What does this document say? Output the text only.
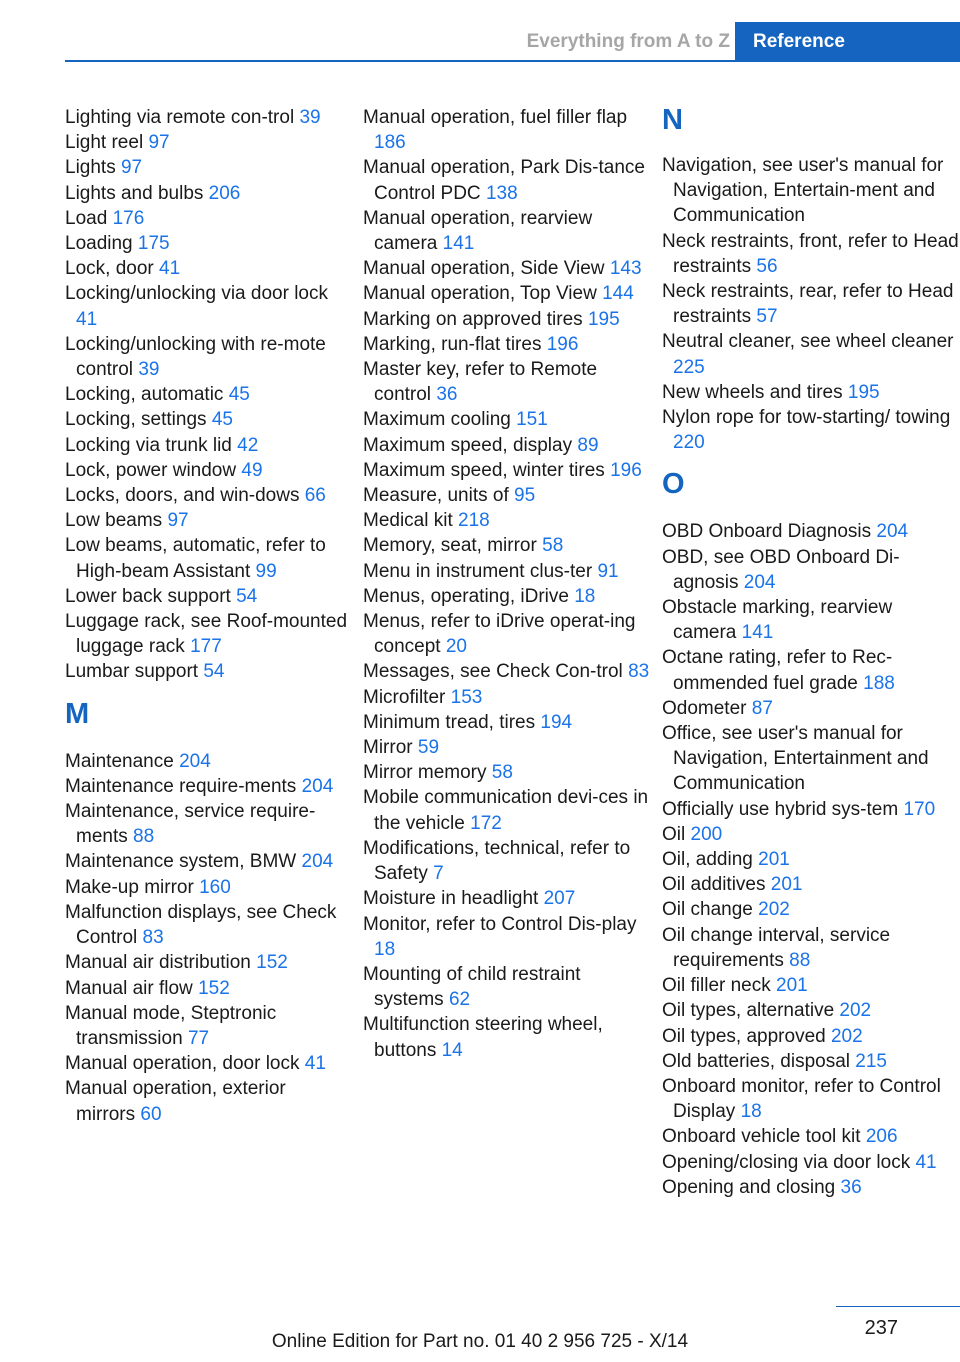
Everything from A to Z Reference
Lighting via remote con-trol 39
Light reel 97
Lights 97
Lights and bulbs 206
Load 176
Loading 175
Lock, door 41
Locking/unlocking via door lock 41
Locking/unlocking with re-mote control 39
Locking, automatic 45
Locking, settings 45
Locking via trunk lid 42
Lock, power window 49
Locks, doors, and win-dows 66
Low beams 97
Low beams, automatic, refer to High-beam Assistant 99
Lower back support 54
Luggage rack, see Roof-mounted luggage rack 177
Lumbar support 54
M
Maintenance 204
Maintenance require-ments 204
Maintenance, service require-ments 88
Maintenance system, BMW 204
Make-up mirror 160
Malfunction displays, see Check Control 83
Manual air distribution 152
Manual air flow 152
Manual mode, Steptronic transmission 77
Manual operation, door lock 41
Manual operation, exterior mirrors 60
Manual operation, fuel filler flap 186
Manual operation, Park Dis-tance Control PDC 138
Manual operation, rearview camera 141
Manual operation, Side View 143
Manual operation, Top View 144
Marking on approved tires 195
Marking, run-flat tires 196
Master key, refer to Remote control 36
Maximum cooling 151
Maximum speed, display 89
Maximum speed, winter tires 196
Measure, units of 95
Medical kit 218
Memory, seat, mirror 58
Menu in instrument clus-ter 91
Menus, operating, iDrive 18
Menus, refer to iDrive operat-ing concept 20
Messages, see Check Con-trol 83
Microfilter 153
Minimum tread, tires 194
Mirror 59
Mirror memory 58
Mobile communication devi-ces in the vehicle 172
Modifications, technical, refer to Safety 7
Moisture in headlight 207
Monitor, refer to Control Dis-play 18
Mounting of child restraint systems 62
Multifunction steering wheel, buttons 14
N
Navigation, see user's manual for Navigation, Entertain-ment and Communication
Neck restraints, front, refer to Head restraints 56
Neck restraints, rear, refer to Head restraints 57
Neutral cleaner, see wheel cleaner 225
New wheels and tires 195
Nylon rope for tow-starting/ towing 220
O
OBD Onboard Diagnosis 204
OBD, see OBD Onboard Di-agnosis 204
Obstacle marking, rearview camera 141
Octane rating, refer to Rec-ommended fuel grade 188
Odometer 87
Office, see user's manual for Navigation, Entertainment and Communication
Officially use hybrid sys-tem 170
Oil 200
Oil, adding 201
Oil additives 201
Oil change 202
Oil change interval, service requirements 88
Oil filler neck 201
Oil types, alternative 202
Oil types, approved 202
Old batteries, disposal 215
Onboard monitor, refer to Control Display 18
Onboard vehicle tool kit 206
Opening/closing via door lock 41
Opening and closing 36
237
Online Edition for Part no. 01 40 2 956 725 - X/14
